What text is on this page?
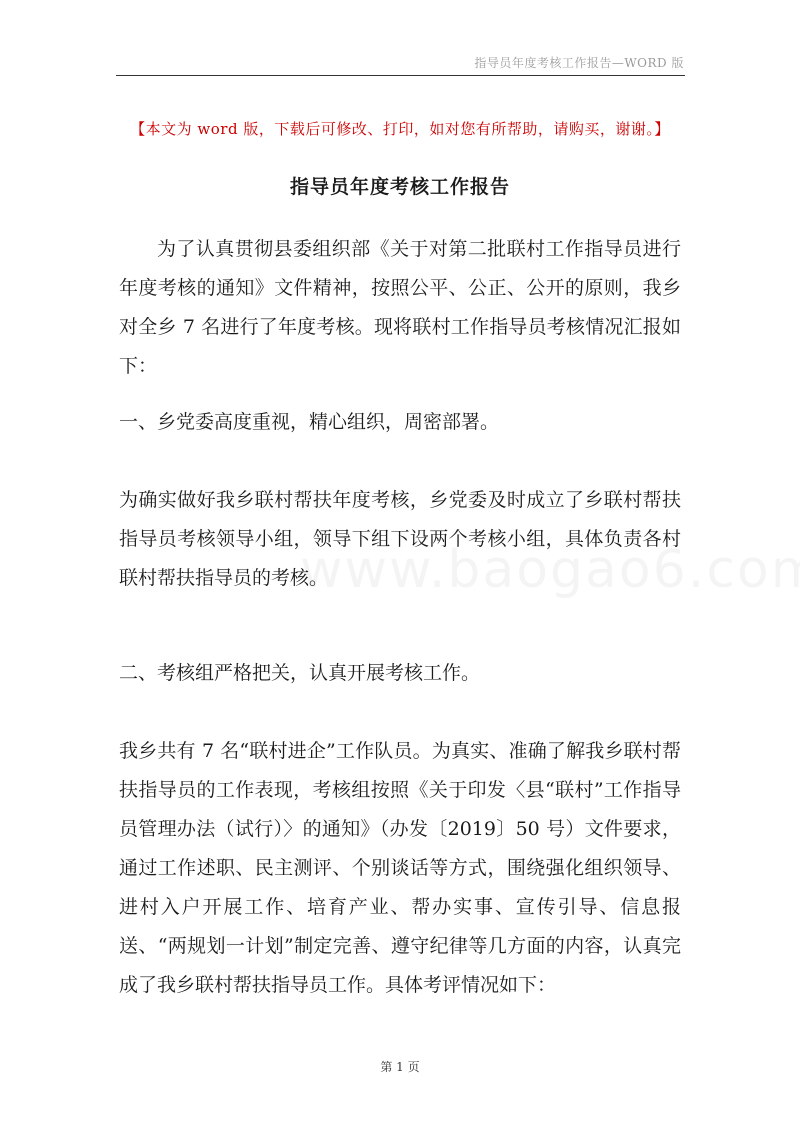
指导员年度考核工作报告—WORD 版
【本文为 word 版，下载后可修改、打印，如对您有所帮助，请购买，谢谢。】
指导员年度考核工作报告

为了认真贯彻县委组织部《关于对第二批联村工作指导员进行年度考核的通知》文件精神，按照公平、公正、公开的原则，我乡对全乡 7 名进行了年度考核。现将联村工作指导员考核情况汇报如下：

一、乡党委高度重视，精心组织，周密部署。

为确实做好我乡联村帮扶年度考核，乡党委及时成立了乡联村帮扶指导员考核领导小组，领导下组下设两个考核小组，具体负责各村联村帮扶指导员的考核。

二、考核组严格把关，认真开展考核工作。

我乡共有 7 名“联村进企”工作队员。为真实、准确了解我乡联村帮扶指导员的工作表现，考核组按照《关于印发〈县“联村”工作指导员管理办法（试行）〉的通知》（办发〔2019〕50 号）文件要求，通过工作述职、民主测评、个别谈话等方式，围绕强化组织领导、进村入户开展工作、培育产业、帮办实事、宣传引导、信息报送、“两规划一计划”制定完善、遵守纪律等几方面的内容，认真完成了我乡联村帮扶指导员工作。具体考评情况如下：

第 1 页
